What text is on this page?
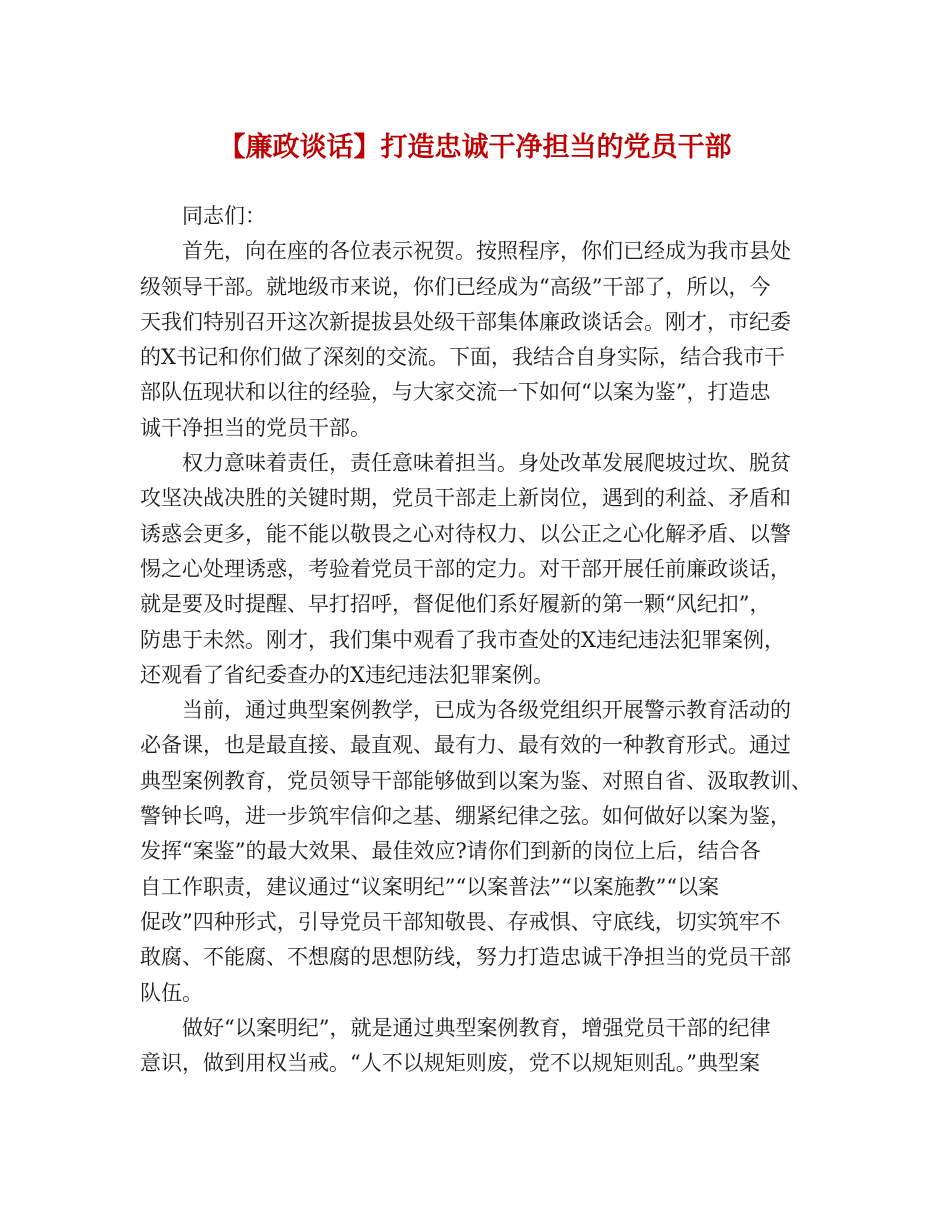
【廉政谈话】打造忠诚干净担当的党员干部
同志们：
首先，向在座的各位表示祝贺。按照程序，你们已经成为我市县处
级领导干部。就地级市来说，你们已经成为“高级”干部了，所以，今
天我们特别召开这次新提拔县处级干部集体廉政谈话会。刚才，市纪委
的X书记和你们做了深刻的交流。下面，我结合自身实际，结合我市干
部队伍现状和以往的经验，与大家交流一下如何“以案为鉴”，打造忠
诚干净担当的党员干部。
权力意味着责任，责任意味着担当。身处改革发展爬坡过坎、脱贫
攻坚决战决胜的关键时期，党员干部走上新岗位，遇到的利益、矛盾和
诱惑会更多，能不能以敬畏之心对待权力、以公正之心化解矛盾、以警
惕之心处理诱惑，考验着党员干部的定力。对干部开展任前廉政谈话，
就是要及时提醒、早打招呼，督促他们系好履新的第一颗“风纪扣”，
防患于未然。刚才，我们集中观看了我市查处的X违纪违法犯罪案例，
还观看了省纪委查办的X违纪违法犯罪案例。
当前，通过典型案例教学，已成为各级党组织开展警示教育活动的
必备课，也是最直接、最直观、最有力、最有效的一种教育形式。通过
典型案例教育，党员领导干部能够做到以案为鉴、对照自省、汲取教训、
警钟长鸣，进一步筑牢信仰之基、绷紧纪律之弦。如何做好以案为鉴，
发挥“案鉴”的最大效果、最佳效应?请你们到新的岗位上后，结合各
自工作职责，建议通过“议案明纪”“以案普法”“以案施教”“以案
促改”四种形式，引导党员干部知敬畏、存戒惧、守底线，切实筑牢不
敢腐、不能腐、不想腐的思想防线，努力打造忠诚干净担当的党员干部
队伍。
做好“以案明纪”，就是通过典型案例教育，增强党员干部的纪律
意识，做到用权当戒。“人不以规矩则废，党不以规矩则乱。”典型案
